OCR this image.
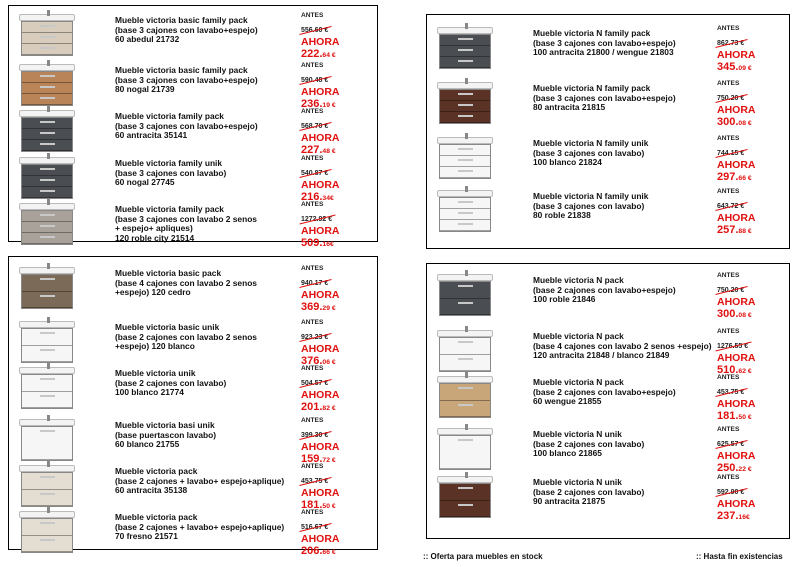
Mueble victoria basic family pack
(base 3 cajones con lavabo+espejo)
60 abedul 21732
ANTES
556.60 €
AHORA
222.64 €
Mueble victoria basic family pack
(base 3 cajones con lavabo+espejo)
80 nogal 21739
ANTES
590.48 €
AHORA
236.19 €
Mueble victoria family pack
(base 3 cajones con lavabo+espejo)
60 antracita 35141
ANTES
568.70 €
AHORA
227.48 €
Mueble victoria family unik
(base 3 cajones con lavabo)
60 nogal 27745
ANTES
540.87 €
AHORA
216.34€
Mueble victoria family pack
(base 3 cajones con lavabo 2 senos
+ espejo+ apliques)
120 roble city 21514
ANTES
1272.92 €
AHORA
509.16€
Mueble victoria N family pack
(base 3 cajones con lavabo+espejo)
100 antracita 21800 / wengue 21803
ANTES
862.73 €
AHORA
345.09 €
Mueble victoria N family pack
(base 3 cajones con lavabo+espejo)
80 antracita 21815
ANTES
750.20 €
AHORA
300.08 €
Mueble victoria N family unik
(base 3 cajones con lavabo)
100 blanco 21824
ANTES
744.15 €
AHORA
297.66 €
Mueble victoria N family unik
(base 3 cajones con lavabo)
80 roble 21838
ANTES
643.72 €
AHORA
257.88 €
Mueble victoria basic pack
(base 4 cajones con lavabo 2 senos
+espejo) 120 cedro
ANTES
940.17 €
AHORA
369.29 €
Mueble victoria basic unik
(base 2 cajones con lavabo 2 senos
+espejo) 120 blanco
ANTES
923.23 €
AHORA
376.06 €
Mueble victoria unik
(base 2 cajones con lavabo)
100 blanco 21774
ANTES
504.57 €
AHORA
201.82 €
Mueble victoria basi unik
(base puertascon lavabo)
60 blanco 21755
ANTES
399.30 €
AHORA
159.72 €
Mueble victoria pack
(base 2 cajones + lavabo+ espejo+aplique)
60 antracita 35138
ANTES
453.75 €
AHORA
181.50 €
Mueble victoria pack
(base 2 cajones + lavabo+ espejo+aplique)
70 fresno 21571
ANTES
516.67 €
AHORA
206.66 €
Mueble victoria N pack
(base 2 cajones con lavabo+espejo)
100 roble 21846
ANTES
750.20 €
AHORA
300.08 €
Mueble victoria N pack
(base 4 cajones con lavabo 2 senos +espejo)
120 antracita 21848 / blanco 21849
ANTES
1276.55 €
AHORA
510.62 €
Mueble victoria N pack
(base 2 cajones con lavabo+espejo)
60 wengue 21855
ANTES
453.75 €
AHORA
181.50 €
Mueble victoria N unik
(base 2 cajones con lavabo)
100 blanco 21865
ANTES
625.57 €
AHORA
250.22 €
Mueble victoria N unik
(base 2 cajones con lavabo)
90 antracita 21875
ANTES
592.90 €
AHORA
237.16€
:: Oferta para muebles en stock	:: Hasta fin existencias
